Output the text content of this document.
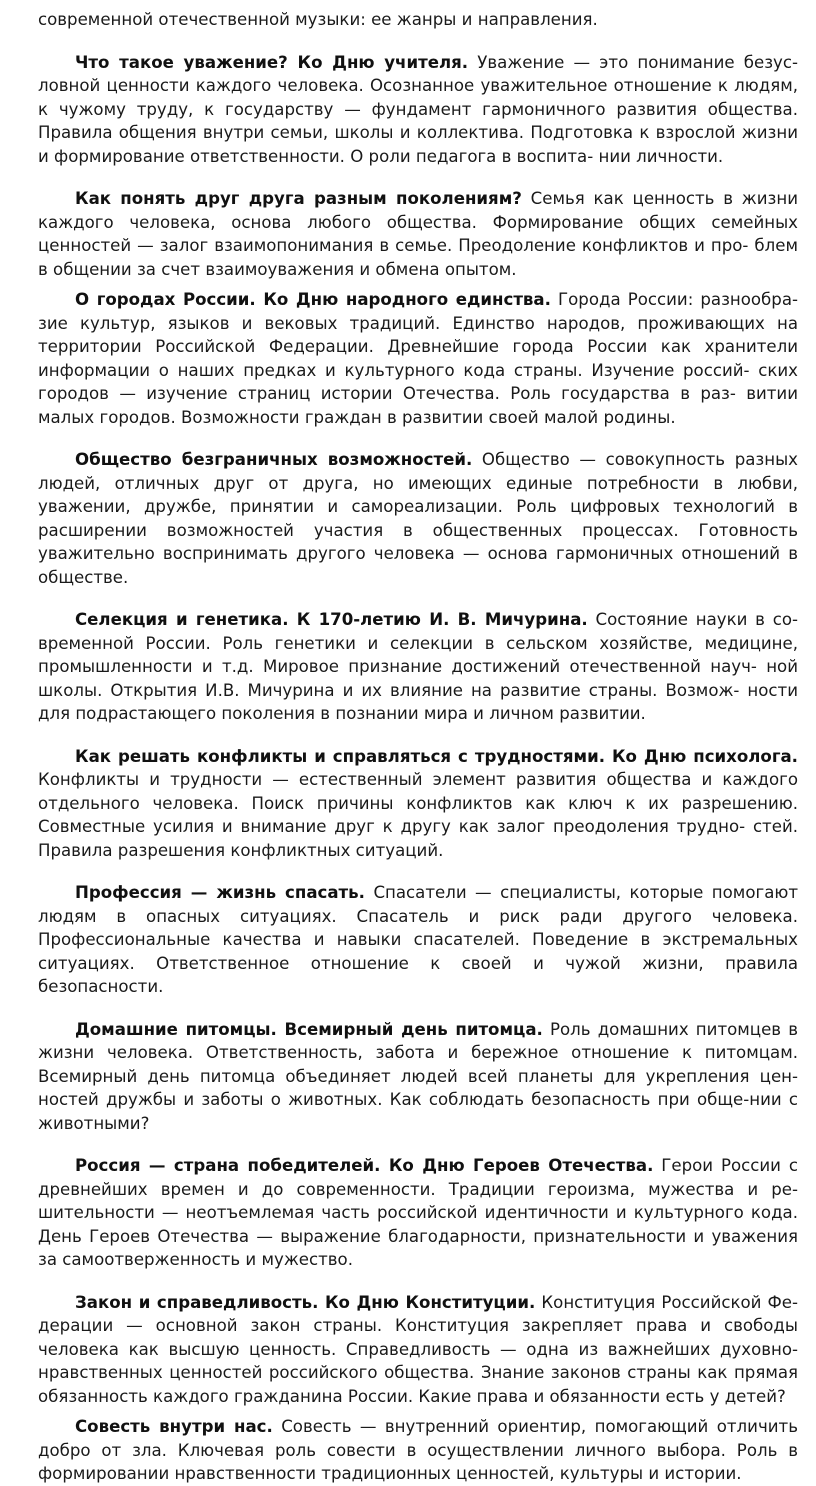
современной отечественной музыки: ее жанры и направления.

Что такое уважение? Ко Дню учителя. Уважение — это понимание безус- ловной ценности каждого человека. Осознанное уважительное отношение к людям, к чужому труду, к государству — фундамент гармоничного развития общества. Правила общения внутри семьи, школы и коллектива. Подготовка к взрослой жизни и формирование ответственности. О роли педагога в воспита- нии личности.

Как понять друг друга разным поколениям? Семья как ценность в жизни каждого человека, основа любого общества. Формирование общих семейных ценностей — залог взаимопонимания в семье. Преодоление конфликтов и про- блем в общении за счет взаимоуважения и обмена опытом.

О городах России. Ко Дню народного единства. Города России: разнообра- зие культур, языков и вековых традиций. Единство народов, проживающих на территории Российской Федерации. Древнейшие города России как хранители информации о наших предках и культурного кода страны. Изучение россий- ских городов — изучение страниц истории Отечества. Роль государства в раз- витии малых городов. Возможности граждан в развитии своей малой родины.

Общество безграничных возможностей. Общество — совокупность разных людей, отличных друг от друга, но имеющих единые потребности в любви, уважении, дружбе, принятии и самореализации. Роль цифровых технологий в расширении возможностей участия в общественных процессах. Готовность уважительно воспринимать другого человека — основа гармоничных отношений в обществе.

Селекция и генетика. К 170-летию И. В. Мичурина. Состояние науки в со- временной России. Роль генетики и селекции в сельском хозяйстве, медицине, промышленности и т.д. Мировое признание достижений отечественной науч- ной школы. Открытия И.В. Мичурина и их влияние на развитие страны. Возмож- ности для подрастающего поколения в познании мира и личном развитии.

Как решать конфликты и справляться с трудностями. Ко Дню психолога. Конфликты и трудности — естественный элемент развития общества и каждого отдельного человека. Поиск причины конфликтов как ключ к их разрешению. Совместные усилия и внимание друг к другу как залог преодоления трудно- стей. Правила разрешения конфликтных ситуаций.

Профессия — жизнь спасать. Спасатели — специалисты, которые помогают людям в опасных ситуациях. Спасатель и риск ради другого человека. Профессиональные качества и навыки спасателей. Поведение в экстремальных ситуациях. Ответственное отношение к своей и чужой жизни, правила безопасности.

Домашние питомцы. Всемирный день питомца. Роль домашних питомцев в жизни человека. Ответственность, забота и бережное отношение к питомцам. Всемирный день питомца объединяет людей всей планеты для укрепления цен-ностей дружбы и заботы о животных. Как соблюдать безопасность при обще-нии с животными?

Россия — страна победителей. Ко Дню Героев Отечества. Герои России с древнейших времен и до современности. Традиции героизма, мужества и ре- шительности — неотъемлемая часть российской идентичности и культурного кода. День Героев Отечества — выражение благодарности, признательности и уважения за самоотверженность и мужество.

Закон и справедливость. Ко Дню Конституции. Конституция Российской Фе- дерации — основной закон страны. Конституция закрепляет права и свободы человека как высшую ценность. Справедливость — одна из важнейших духовно-нравственных ценностей российского общества. Знание законов страны как прямая обязанность каждого гражданина России. Какие права и обязанности есть у детей?

Совесть внутри нас. Совесть — внутренний ориентир, помогающий отличить добро от зла. Ключевая роль совести в осуществлении личного выбора. Роль в формировании нравственности традиционных ценностей, культуры и истории.
